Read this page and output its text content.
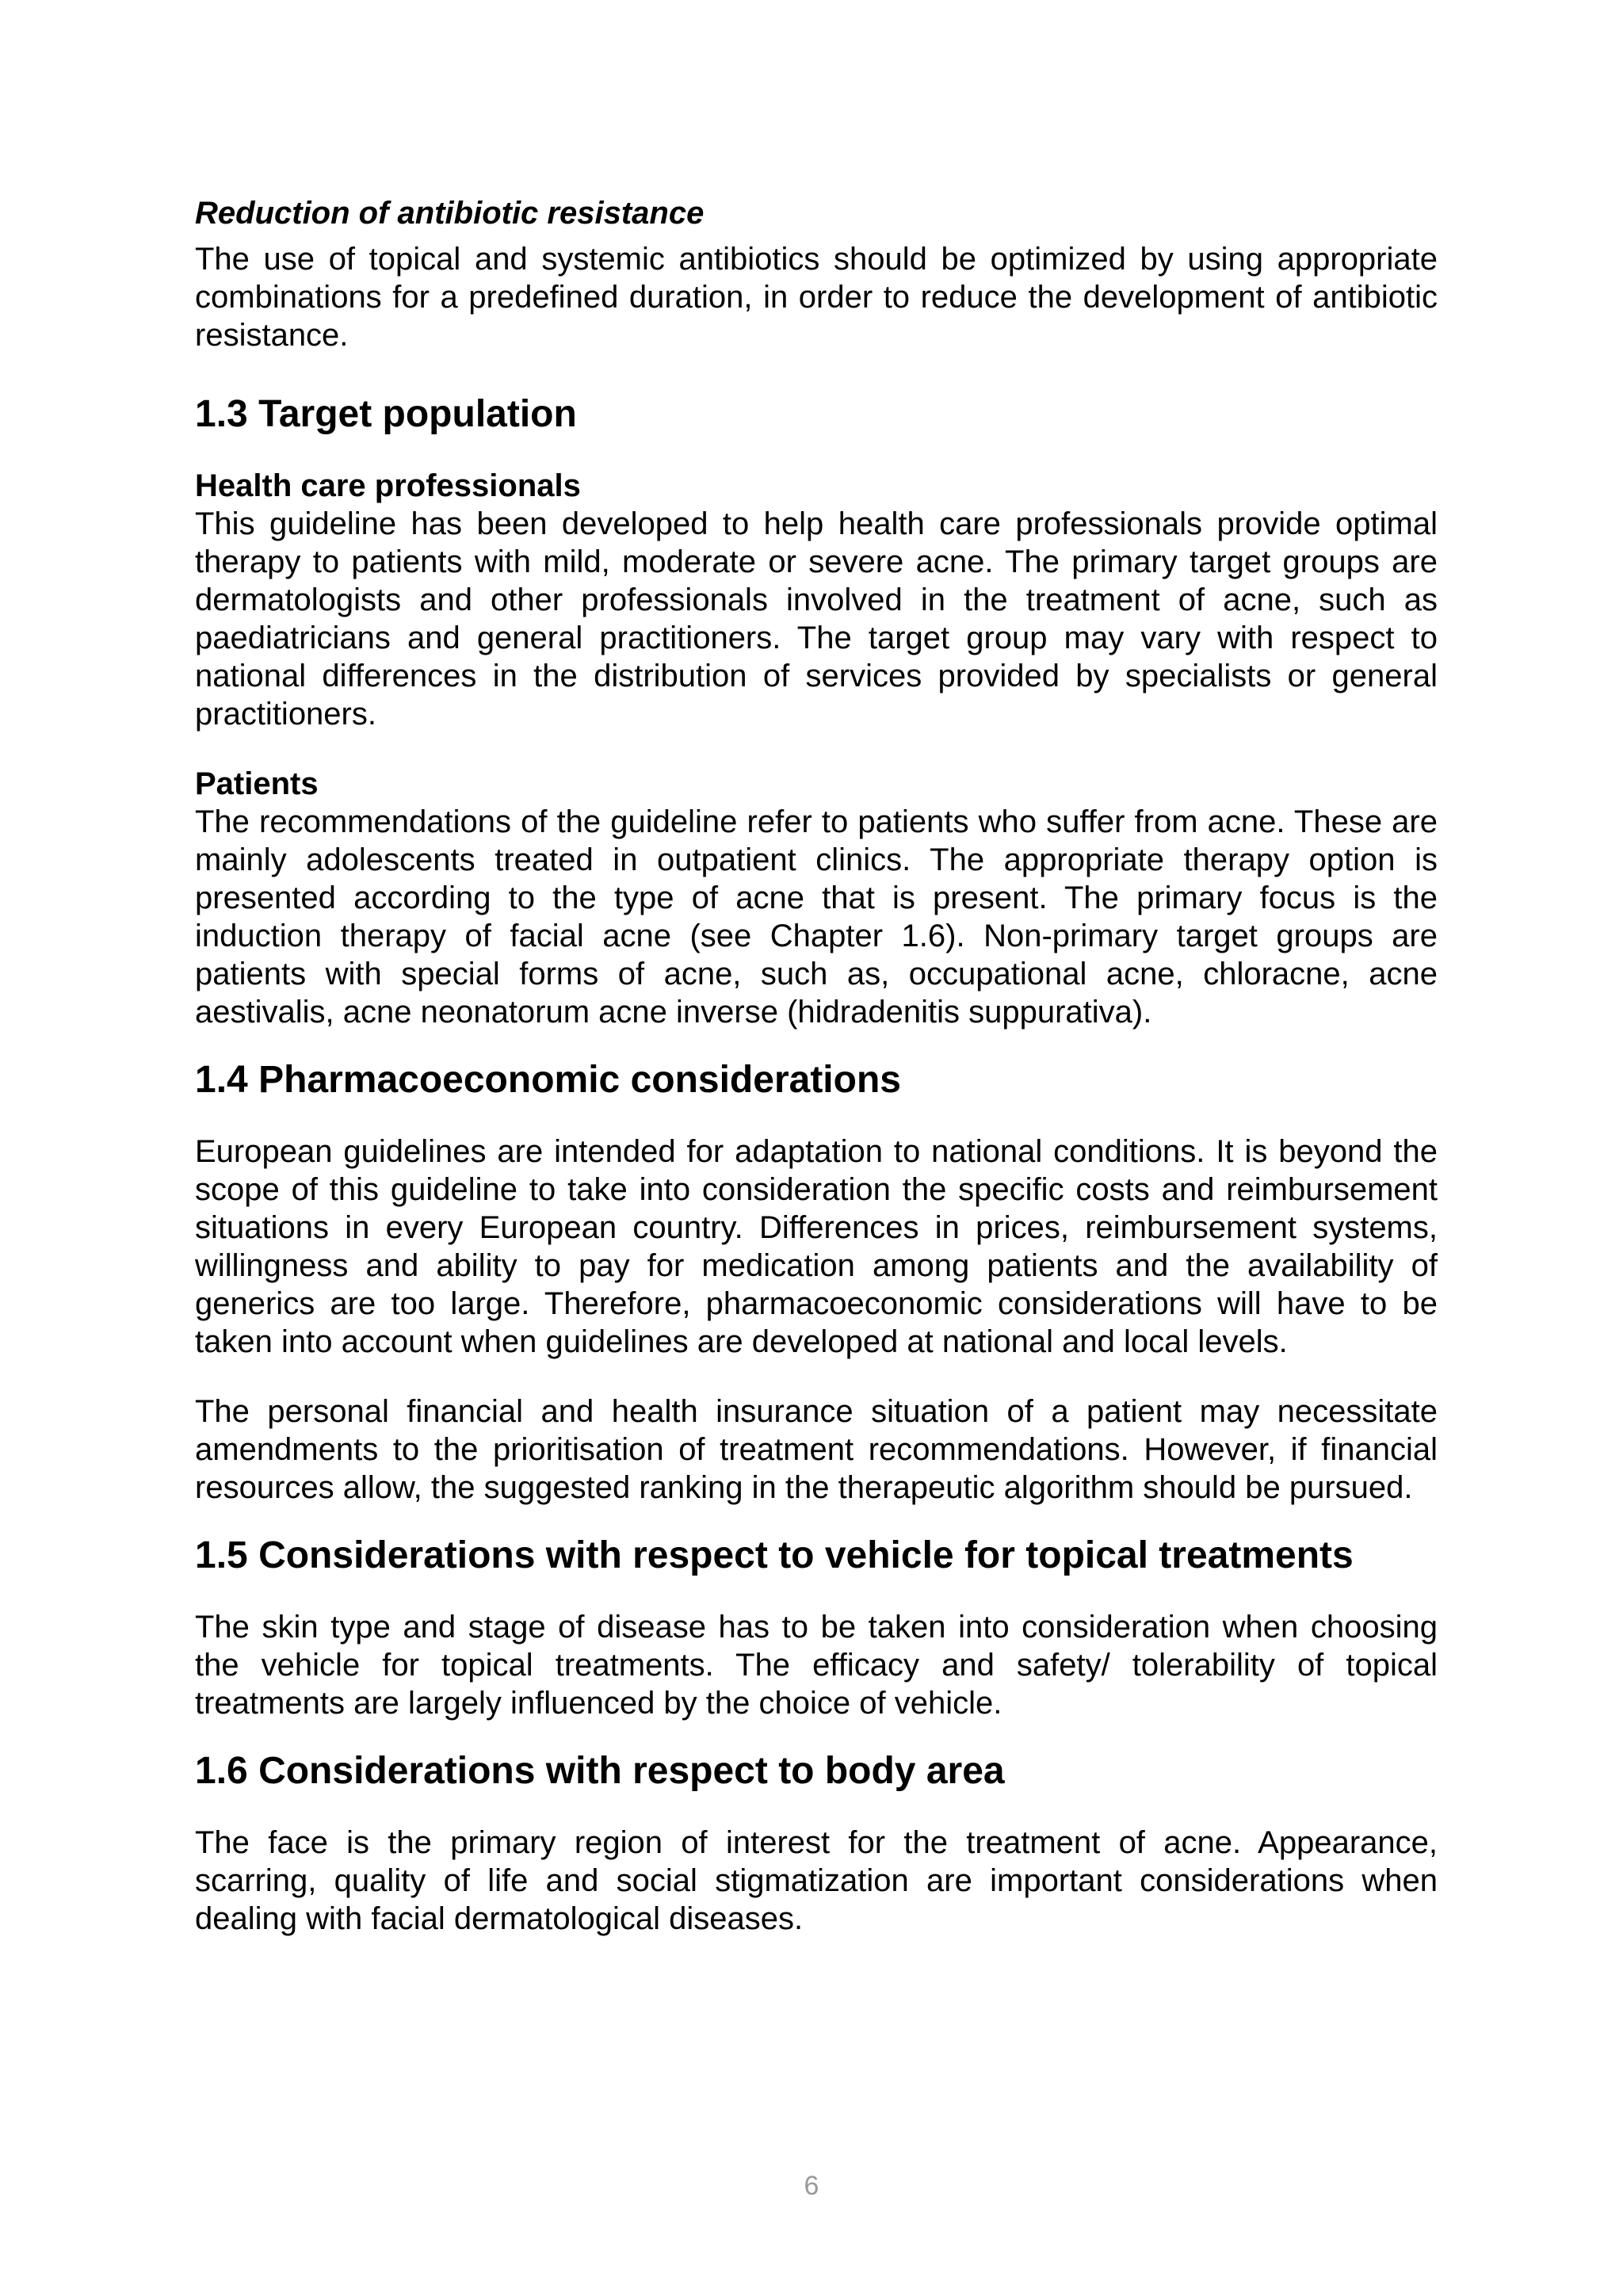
Reduction of antibiotic resistance

The use of topical and systemic antibiotics should be optimized by using appropriate combinations for a predefined duration, in order to reduce the development of antibiotic resistance.

1.3 Target population
Health care professionals

This guideline has been developed to help health care professionals provide optimal therapy to patients with mild, moderate or severe acne. The primary target groups are dermatologists and other professionals involved in the treatment of acne, such as paediatricians and general practitioners. The target group may vary with respect to national differences in the distribution of services provided by specialists or general practitioners.

Patients

The recommendations of the guideline refer to patients who suffer from acne. These are mainly adolescents treated in outpatient clinics. The appropriate therapy option is presented according to the type of acne that is present. The primary focus is the induction therapy of facial acne (see Chapter 1.6). Non-primary target groups are patients with special forms of acne, such as, occupational acne, chloracne, acne aestivalis, acne neonatorum acne inverse (hidradenitis suppurativa).

1.4 Pharmacoeconomic considerations

European guidelines are intended for adaptation to national conditions. It is beyond the scope of this guideline to take into consideration the specific costs and reimbursement situations in every European country. Differences in prices, reimbursement systems, willingness and ability to pay for medication among patients and the availability of generics are too large. Therefore, pharmacoeconomic considerations will have to be taken into account when guidelines are developed at national and local levels.

The personal financial and health insurance situation of a patient may necessitate amendments to the prioritisation of treatment recommendations. However, if financial resources allow, the suggested ranking in the therapeutic algorithm should be pursued.

1.5 Considerations with respect to vehicle for topical treatments

The skin type and stage of disease has to be taken into consideration when choosing the vehicle for topical treatments. The efficacy and safety/ tolerability of topical treatments are largely influenced by the choice of vehicle.

1.6 Considerations with respect to body area

The face is the primary region of interest for the treatment of acne. Appearance, scarring, quality of life and social stigmatization are important considerations when dealing with facial dermatological diseases.

6
